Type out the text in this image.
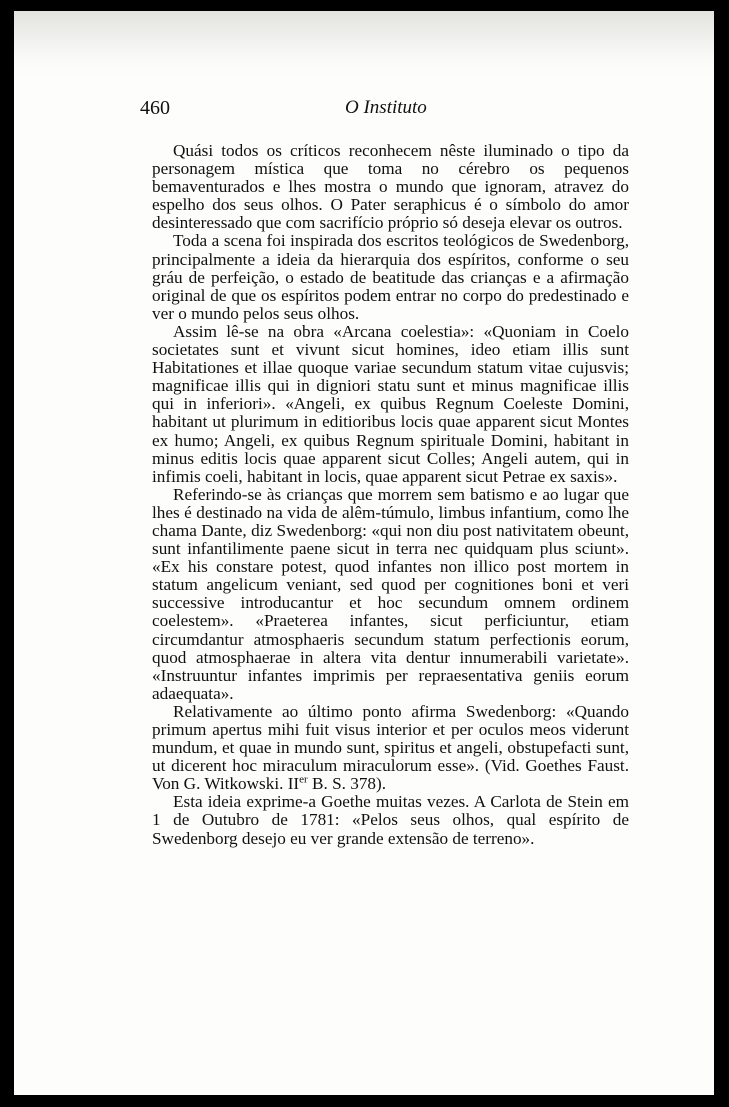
460	O Instituto

Quási todos os críticos reconhecem nêste iluminado o tipo da personagem mística que toma no cérebro os pequenos bemaventurados e lhes mostra o mundo que ignoram, atravez do espelho dos seus olhos. O Pater seraphicus é o símbolo do amor desinteressado que com sacrifício próprio só deseja elevar os outros.

Toda a scena foi inspirada dos escritos teológicos de Swedenborg, principalmente a ideia da hierarquia dos espíritos, conforme o seu gráu de perfeição, o estado de beatitude das crianças e a afirmação original de que os espíritos podem entrar no corpo do predestinado e ver o mundo pelos seus olhos.

Assim lê-se na obra «Arcana coelestia»: «Quoniam in Coelo societates sunt et vivunt sicut homines, ideo etiam illis sunt Habitationes et illae quoque variae secundum statum vitae cujusvis; magnificae illis qui in digniori statu sunt et minus magnificae illis qui in inferiori». «Angeli, ex quibus Regnum Coeleste Domini, habitant ut plurimum in editioribus locis quae apparent sicut Montes ex humo; Angeli, ex quibus Regnum spirituale Domini, habitant in minus editis locis quae apparent sicut Colles; Angeli autem, qui in infimis coeli, habitant in locis, quae apparent sicut Petrae ex saxis».

Referindo-se às crianças que morrem sem batismo e ao lugar que lhes é destinado na vida de alêm-túmulo, limbus infantium, como lhe chama Dante, diz Swedenborg: «qui non diu post nativitatem obeunt, sunt infantilimente paene sicut in terra nec quidquam plus sciunt». «Ex his constare potest, quod infantes non illico post mortem in statum angelicum veniant, sed quod per cognitiones boni et veri successive introducantur et hoc secundum omnem ordinem coelestem». «Praeterea infantes, sicut perficiuntur, etiam circumdantur atmosphaeris secundum statum perfectionis eorum, quod atmosphaerae in altera vita dentur innumerabili varietate». «Instruuntur infantes imprimis per repraesentativa geniis eorum adaequata».

Relativamente ao último ponto afirma Swedenborg: «Quando primum apertus mihi fuit visus interior et per oculos meos viderunt mundum, et quae in mundo sunt, spiritus et angeli, obstupefacti sunt, ut dicerent hoc miraculum miraculorum esse». (Vid. Goethes Faust. Von G. Witkowski. IIer B. S. 378).

Esta ideia exprime-a Goethe muitas vezes. A Carlota de Stein em 1 de Outubro de 1781: «Pelos seus olhos, qual espírito de Swedenborg desejo eu ver grande extensão de terreno».
